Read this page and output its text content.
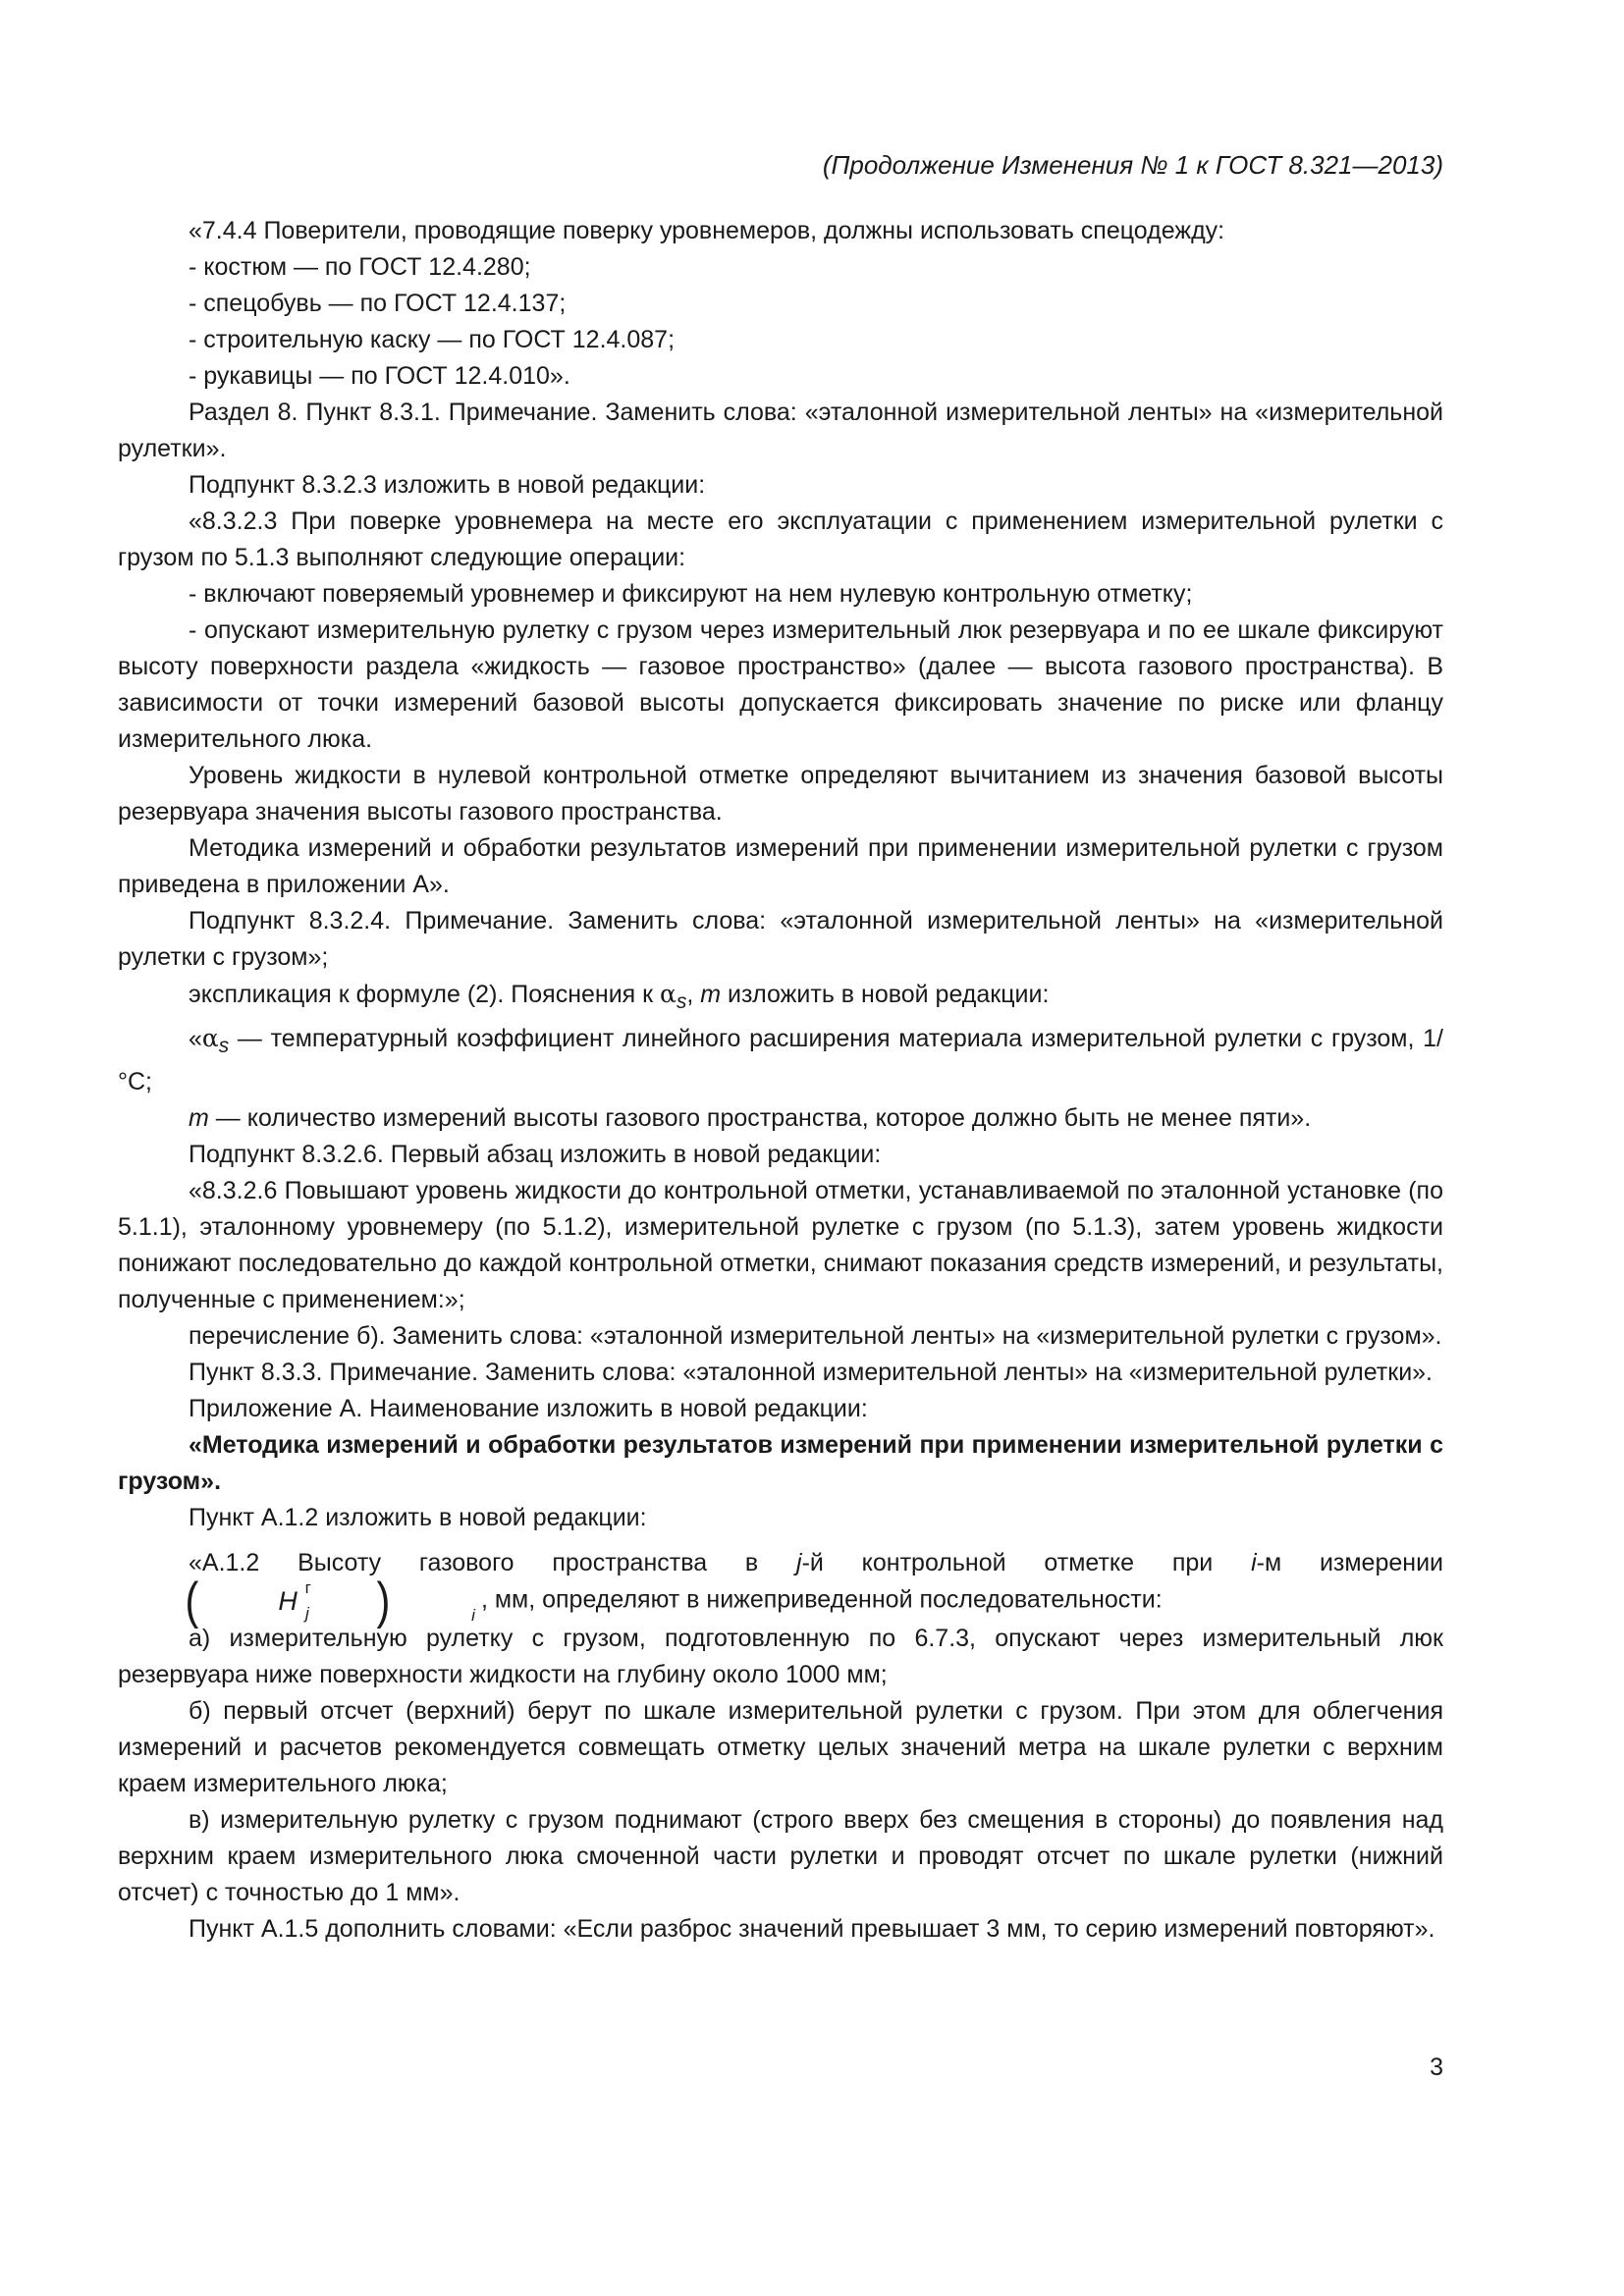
(Продолжение Изменения № 1 к ГОСТ 8.321—2013)

«7.4.4 Поверители, проводящие поверку уровнемеров, должны использовать спецодежду:

- костюм — по ГОСТ 12.4.280;

- спецобувь — по ГОСТ 12.4.137;

- строительную каску — по ГОСТ 12.4.087;

- рукавицы — по ГОСТ 12.4.010».

Раздел 8. Пункт 8.3.1. Примечание. Заменить слова: «эталонной измерительной ленты» на «измерительной рулетки».

Подпункт 8.3.2.3 изложить в новой редакции:

«8.3.2.3 При поверке уровнемера на месте его эксплуатации с применением измерительной рулетки с грузом по 5.1.3 выполняют следующие операции:

- включают поверяемый уровнемер и фиксируют на нем нулевую контрольную отметку;

- опускают измерительную рулетку с грузом через измерительный люк резервуара и по ее шкале фиксируют высоту поверхности раздела «жидкость — газовое пространство» (далее — высота газового пространства). В зависимости от точки измерений базовой высоты допускается фиксировать значение по риске или фланцу измерительного люка.

Уровень жидкости в нулевой контрольной отметке определяют вычитанием из значения базовой высоты резервуара значения высоты газового пространства.

Методика измерений и обработки результатов измерений при применении измерительной рулетки с грузом приведена в приложении А».

Подпункт 8.3.2.4. Примечание. Заменить слова: «эталонной измерительной ленты» на «измерительной рулетки с грузом»;

экспликация к формуле (2). Пояснения к $\alpha_s$, m изложить в новой редакции:

«$\alpha_s$ — температурный коэффициент линейного расширения материала измерительной рулетки с грузом, 1/°С;

m — количество измерений высоты газового пространства, которое должно быть не менее пяти».

Подпункт 8.3.2.6. Первый абзац изложить в новой редакции:

«8.3.2.6 Повышают уровень жидкости до контрольной отметки, устанавливаемой по эталонной установке (по 5.1.1), эталонному уровнемеру (по 5.1.2), измерительной рулетке с грузом (по 5.1.3), затем уровень жидкости понижают последовательно до каждой контрольной отметки, снимают показания средств измерений, и результаты, полученные с применением:»;

перечисление б). Заменить слова: «эталонной измерительной ленты» на «измерительной рулетки с грузом».

Пункт 8.3.3. Примечание. Заменить слова: «эталонной измерительной ленты» на «измерительной рулетки».

Приложение А. Наименование изложить в новой редакции:

«Методика измерений и обработки результатов измерений при применении измерительной рулетки с грузом».

Пункт А.1.2 изложить в новой редакции:

«А.1.2 Высоту газового пространства в j-й контрольной отметке при i-м измерении
(	H г
j	)	i
, мм, определяют в нижеприведенной последовательности:

а) измерительную рулетку с грузом, подготовленную по 6.7.3, опускают через измерительный люк резервуара ниже поверхности жидкости на глубину около 1000 мм;

б) первый отсчет (верхний) берут по шкале измерительной рулетки с грузом. При этом для облегчения измерений и расчетов рекомендуется совмещать отметку целых значений метра на шкале рулетки с верхним краем измерительного люка;

в) измерительную рулетку с грузом поднимают (строго вверх без смещения в стороны) до появления над верхним краем измерительного люка смоченной части рулетки и проводят отсчет по шкале рулетки (нижний отсчет) с точностью до 1 мм».

Пункт А.1.5 дополнить словами: «Если разброс значений превышает 3 мм, то серию измерений повторяют».

3
